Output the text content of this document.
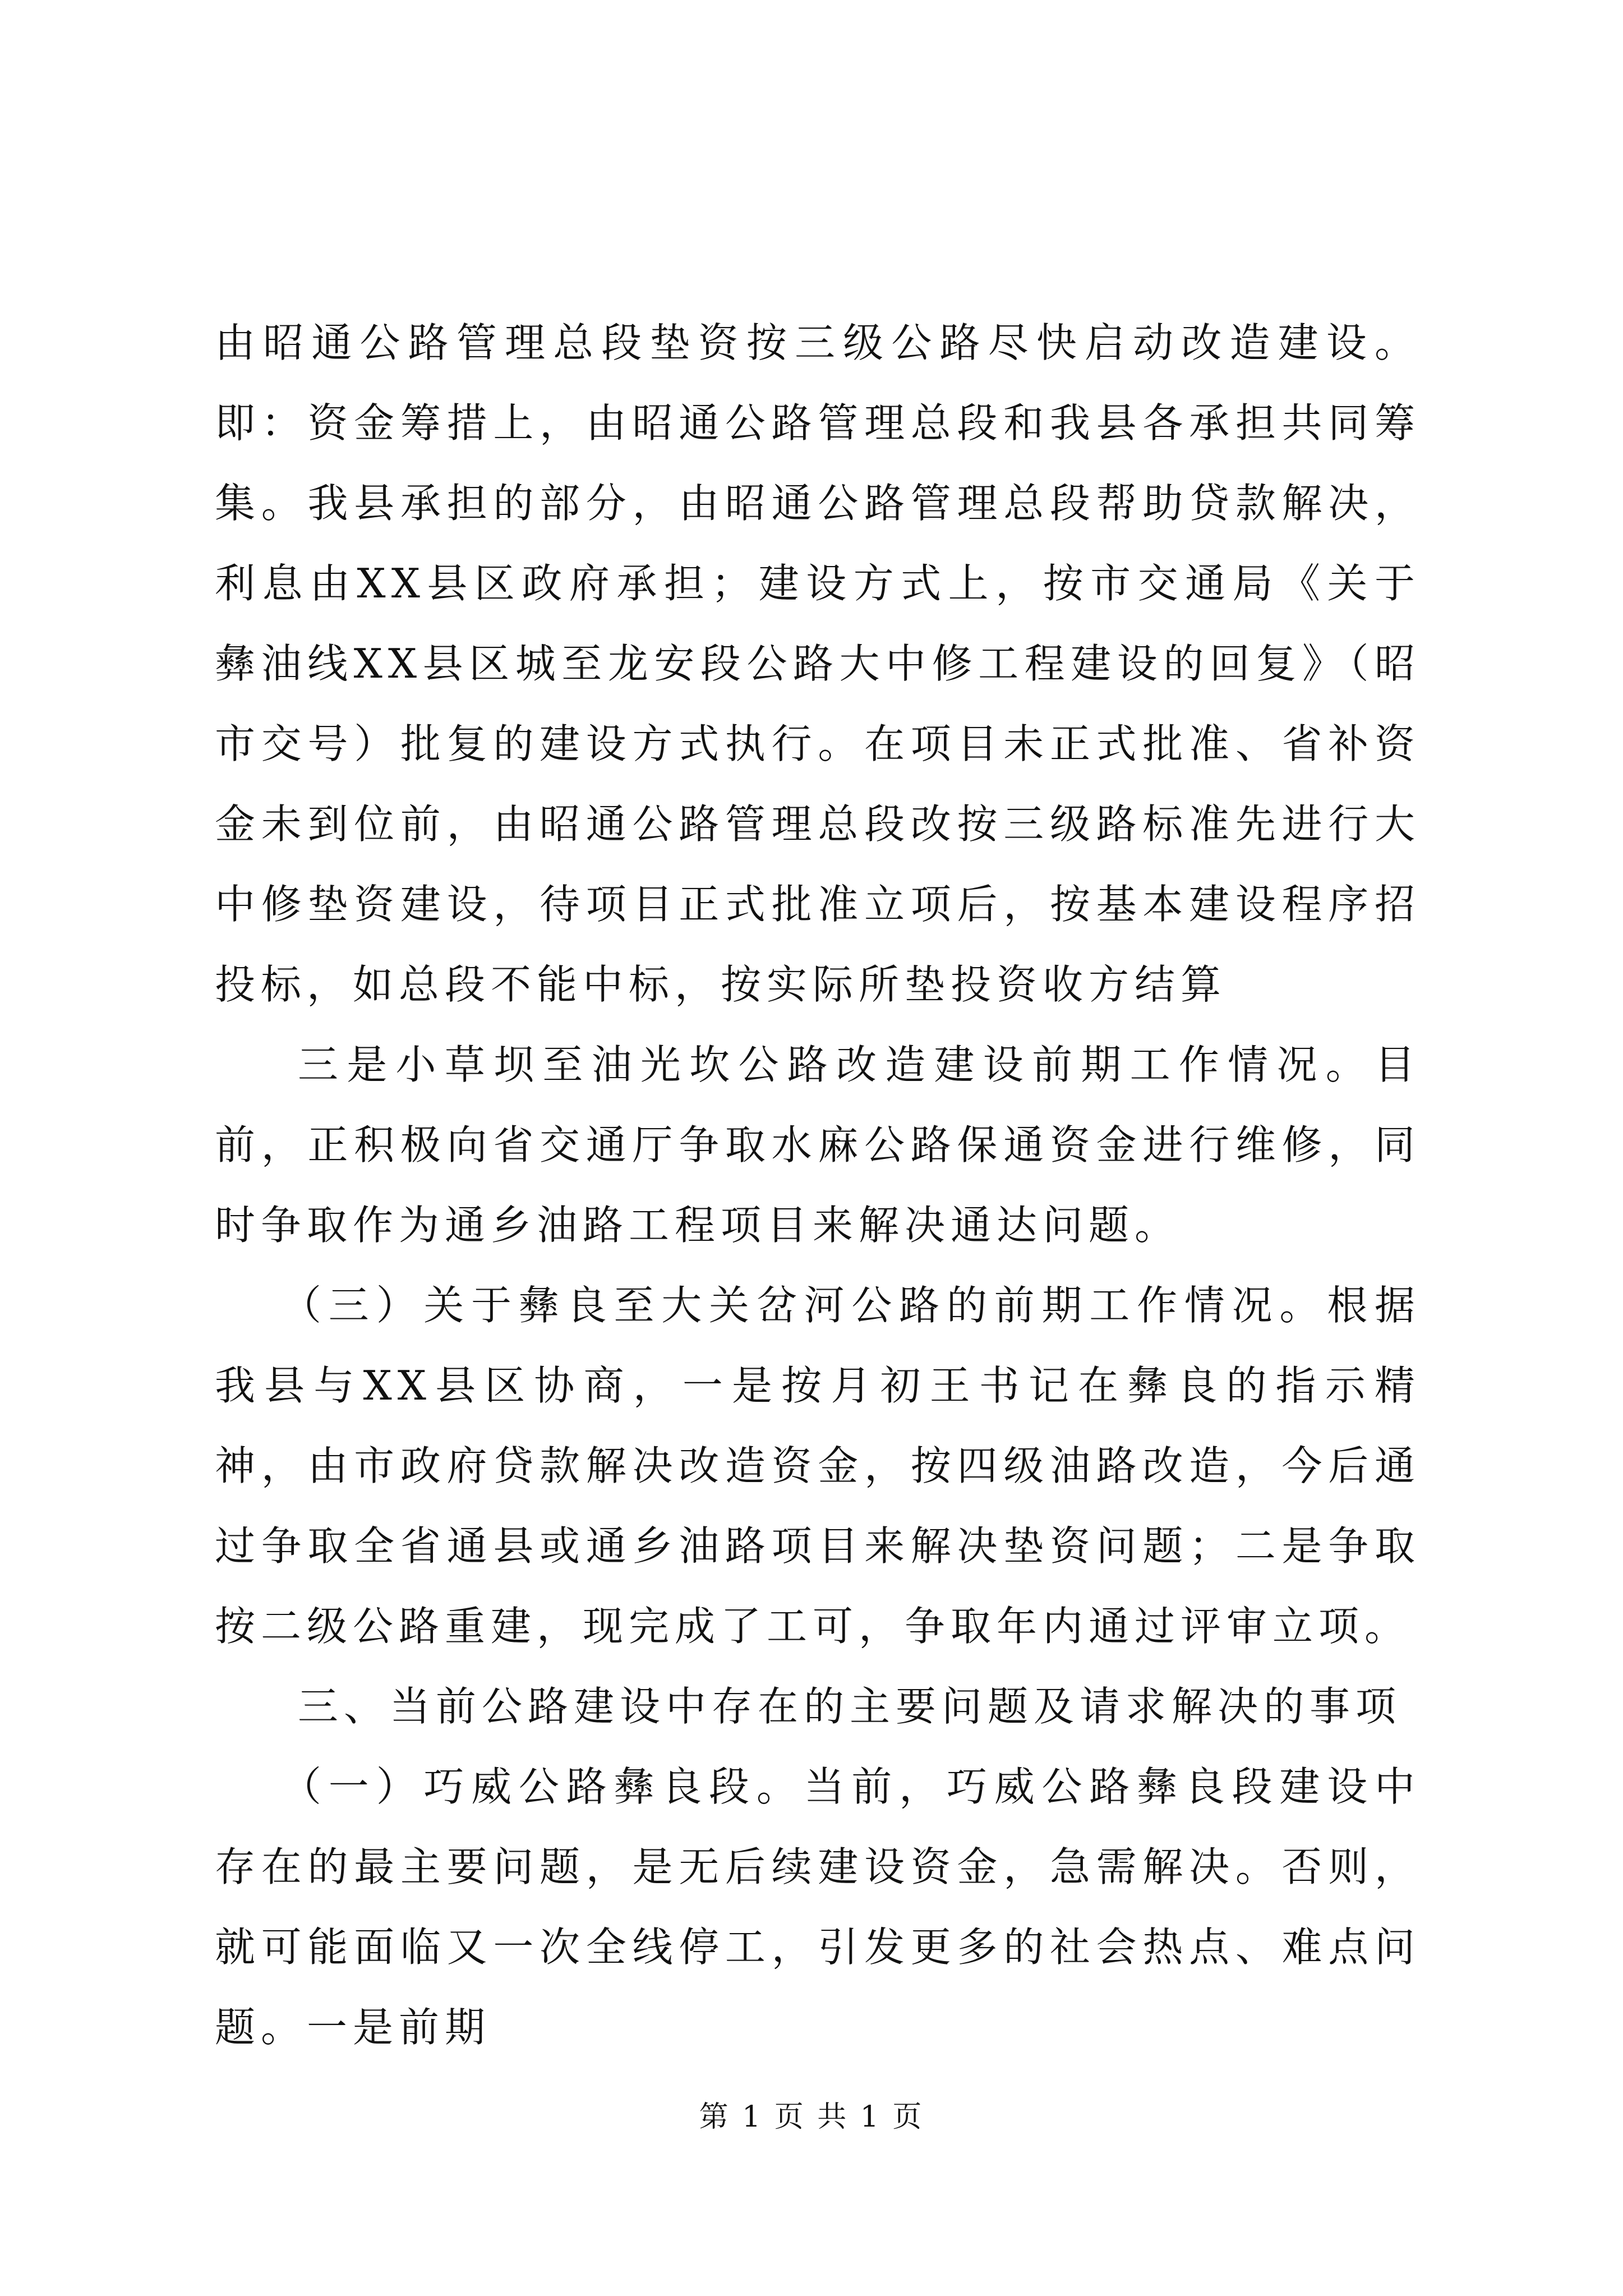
由昭通公路管理总段垫资按三级公路尽快启动改造建设。即：资金筹措上，由昭通公路管理总段和我县各承担共同筹集。我县承担的部分，由昭通公路管理总段帮助贷款解决，利息由XX县区政府承担；建设方式上，按市交通局《关于彝油线XX县区城至龙安段公路大中修工程建设的回复》（昭市交号）批复的建设方式执行。在项目未正式批准、省补资金未到位前，由昭通公路管理总段改按三级路标准先进行大中修垫资建设，待项目正式批准立项后，按基本建设程序招投标，如总段不能中标，按实际所垫投资收方结算

三是小草坝至油光坎公路改造建设前期工作情况。目前，正积极向省交通厅争取水麻公路保通资金进行维修，同时争取作为通乡油路工程项目来解决通达问题。

（三）关于彝良至大关岔河公路的前期工作情况。根据我县与XX县区协商，一是按月初王书记在彝良的指示精神，由市政府贷款解决改造资金，按四级油路改造，今后通过争取全省通县或通乡油路项目来解决垫资问题；二是争取按二级公路重建，现完成了工可，争取年内通过评审立项。

三、当前公路建设中存在的主要问题及请求解决的事项

（一）巧威公路彝良段。当前，巧威公路彝良段建设中存在的最主要问题，是无后续建设资金，急需解决。否则，就可能面临又一次全线停工，引发更多的社会热点、难点问题。一是前期

第 1 页 共 1 页
